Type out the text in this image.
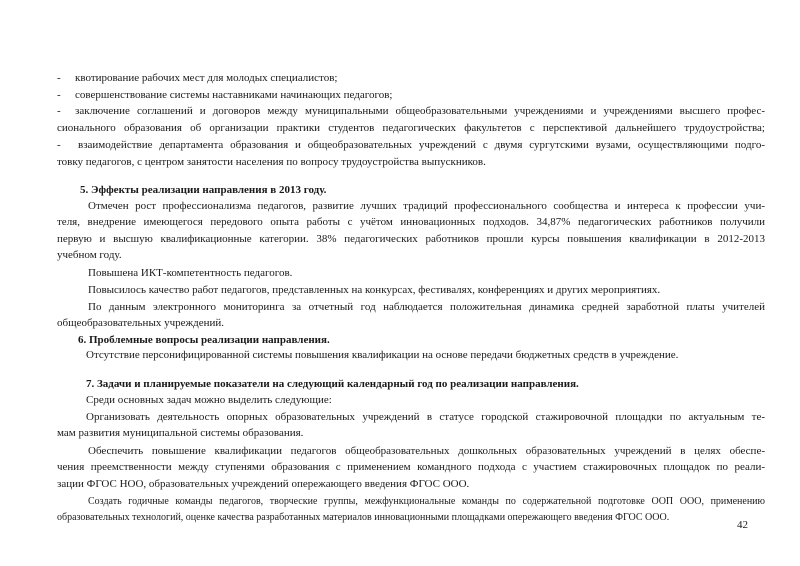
-
-
-
-
квотирование рабочих мест для молодых специалистов;
совершенствование системы наставниками начинающих педагогов;
заключение соглашений и договоров между муниципальными общеобразовательными учреждениями и учреждениями высшего профес-
сионального образования об организации практики студентов педагогических факультетов с перспективой дальнейшего трудоустройства;
взаимодействие департамента образования и общеобразовательных учреждений с двумя сургутскими вузами, осуществляющими подго-
товку педагогов, с центром занятости населения по вопросу трудоустройства выпускников.
5. Эффекты реализации направления в 2013 году.
Отмечен рост профессионализма педагогов, развитие лучших традиций профессионального сообщества и интереса к профессии учи-
теля, внедрение имеющегося передового опыта работы с учётом инновационных подходов. 34,87% педагогических работников получили
первую и высшую квалификационные категории. 38% педагогических работников прошли курсы повышения квалификации в 2012-2013
учебном году.
Повышена ИКТ-компетентность педагогов.
Повысилось качество работ педагогов, представленных на конкурсах, фестивалях, конференциях и других мероприятиях.
По данным электронного мониторинга за отчетный год наблюдается положительная динамика средней заработной платы учителей
общеобразовательных учреждений.
6. Проблемные вопросы реализации направления.
Отсутствие персонифицированной системы повышения квалификации на основе передачи бюджетных средств в учреждение.
7. Задачи и планируемые показатели на следующий календарный год по реализации направления.
Среди основных задач можно выделить следующие:
Организовать деятельность опорных образовательных учреждений в статусе городской стажировочной площадки по актуальным те-
мам развития муниципальной системы образования.
Обеспечить повышение квалификации педагогов общеобразовательных дошкольных образовательных учреждений в целях обеспе-
чения преемственности между ступенями образования с применением командного подхода с участием стажировочных площадок по реали-
зации ФГОС НОО, образовательных учреждений опережающего введения ФГОС ООО.
Создать годичные команды педагогов, творческие группы, межфункциональные команды по содержательной подготовке ООП ООО, применению
образовательных технологий, оценке качества разработанных материалов инновационными площадками опережающего введения ФГОС ООО.
42
